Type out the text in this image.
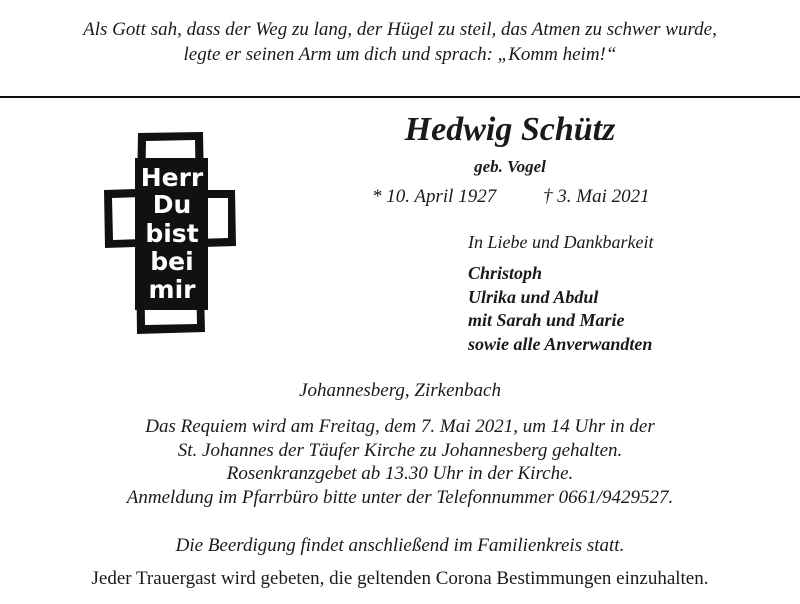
Als Gott sah, dass der Weg zu lang, der Hügel zu steil, das Atmen zu schwer wurde,
legte er seinen Arm um dich und sprach: „Komm heim!“
Herr
Du
bist
bei
mir
Hedwig Schütz
geb. Vogel
* 10. April 1927 † 3. Mai 2021
In Liebe und Dankbarkeit
Christoph
Ulrika und Abdul
mit Sarah und Marie
sowie alle Anverwandten
Johannesberg, Zirkenbach
Das Requiem wird am Freitag, dem 7. Mai 2021, um 14 Uhr in der
St. Johannes der Täufer Kirche zu Johannesberg gehalten.
Rosenkranzgebet ab 13.30 Uhr in der Kirche.
Anmeldung im Pfarrbüro bitte unter der Telefonnummer 0661/9429527.
Die Beerdigung findet anschließend im Familienkreis statt.
Jeder Trauergast wird gebeten, die geltenden Corona Bestimmungen einzuhalten.
